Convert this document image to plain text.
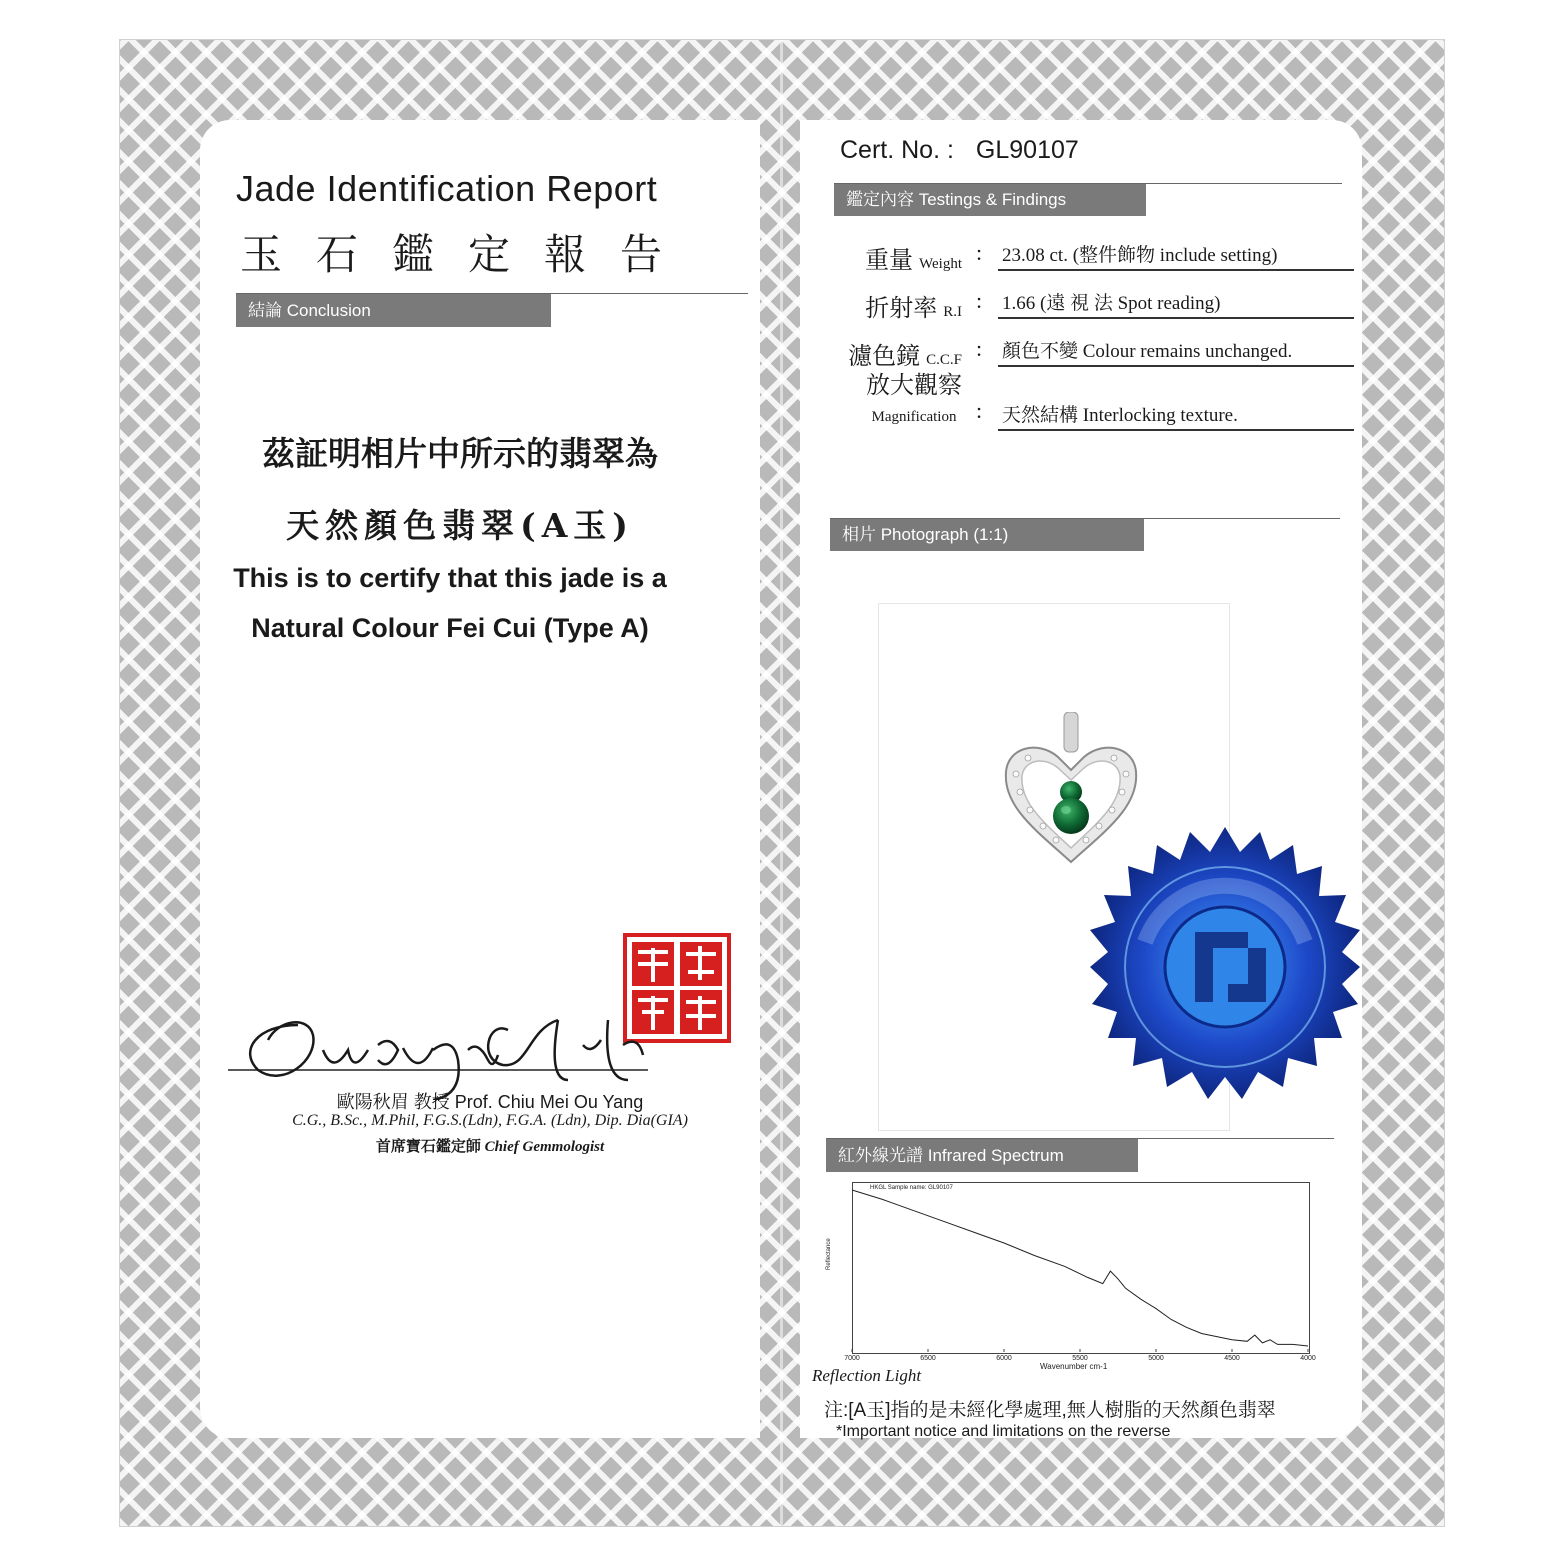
Jade Identification Report
玉石鑑定報告
結論 Conclusion
茲証明相片中所示的翡翠為
天然顏色翡翠(A玉)
This is to certify that this jade is a
Natural Colour Fei Cui (Type A)
歐陽秋眉 教授 Prof. Chiu Mei Ou Yang
C.G., B.Sc., M.Phil, F.G.S.(Ldn), F.G.A. (Ldn), Dip. Dia(GIA)
首席寶石鑑定師 Chief Gemmologist
Cert. No. : GL90107
鑑定內容 Testings & Findings
重量 Weight : 23.08 ct. (整件飾物 include setting)
折射率 R.I : 1.66 (遠 視 法 Spot reading)
濾色鏡 C.C.F : 顏色不變 Colour remains unchanged.
放大觀察
Magnification : 天然結構 Interlocking texture.
相片 Photograph (1:1)
紅外線光譜 Infrared Spectrum
HKGL Sample name: GL90107
Reflectance
7000	6500	6000	5500	5000	4500	4000
Wavenumber cm-1
Reflection Light
注:[A玉]指的是未經化學處理,無人樹脂的天然顏色翡翠
*Important notice and limitations on the reverse
